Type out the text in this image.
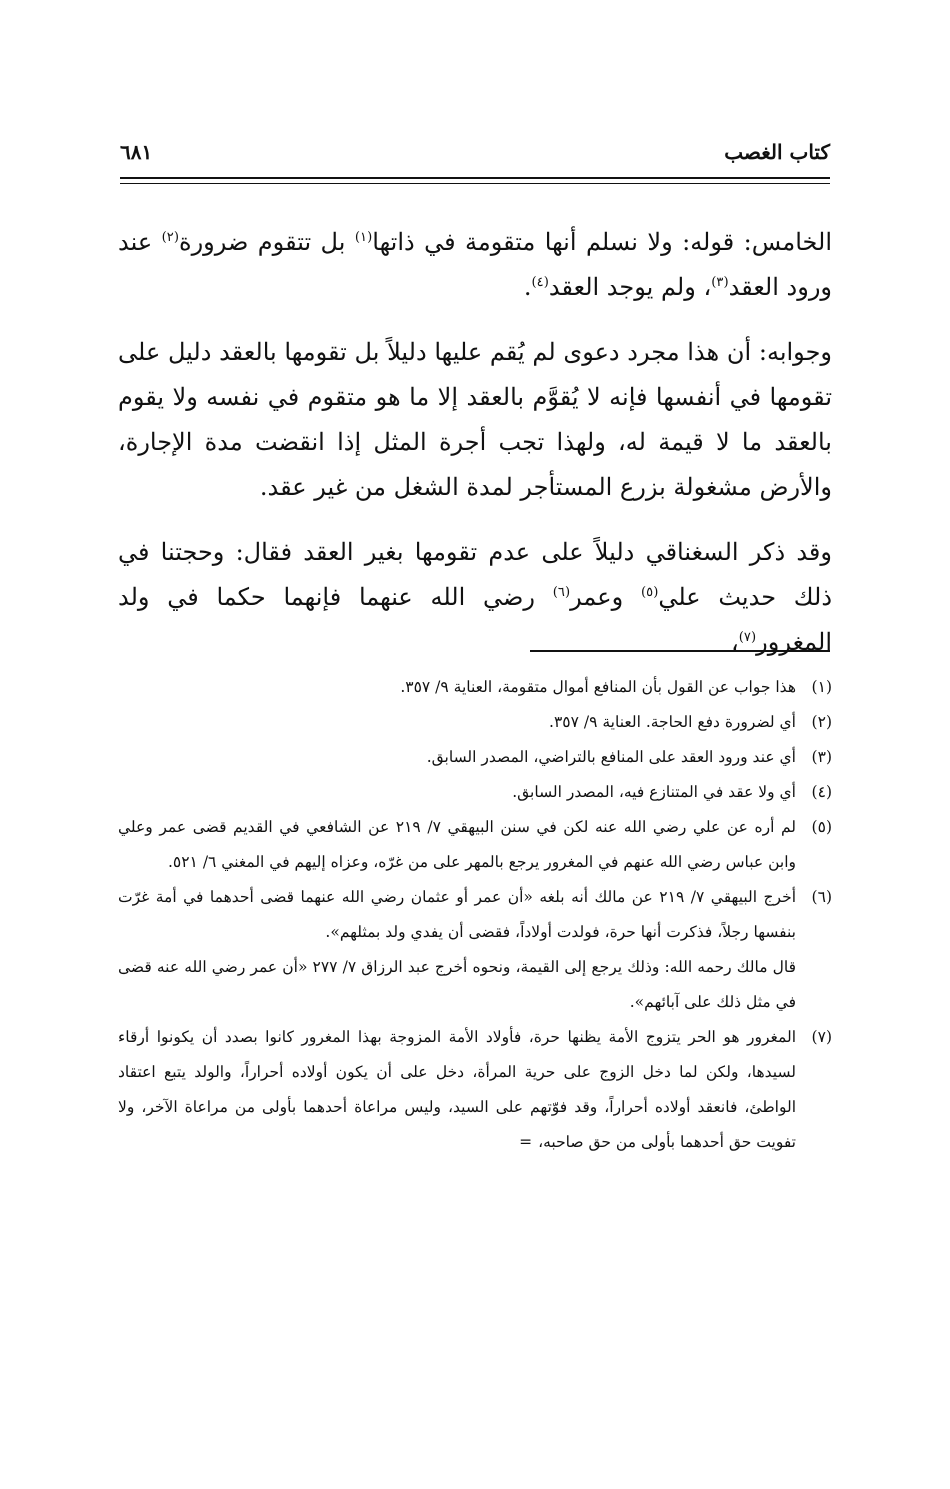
كتاب الغصب
٦٨١

الخامس: قوله: ولا نسلم أنها متقومة في ذاتها$^{(١)}$ بل تتقوم ضرورة$^{(٢)}$ عند ورود العقد$^{(٣)}$، ولم يوجد العقد$^{(٤)}$.

وجوابه: أن هذا مجرد دعوى لم يُقم عليها دليلاً بل تقومها بالعقد دليل على تقومها في أنفسها فإنه لا يُقوَّم بالعقد إلا ما هو متقوم في نفسه ولا يقوم بالعقد ما لا قيمة له، ولهذا تجب أجرة المثل إذا انقضت مدة الإجارة، والأرض مشغولة بزرع المستأجر لمدة الشغل من غير عقد.

وقد ذكر السغناقي دليلاً على عدم تقومها بغير العقد فقال: وحجتنا في ذلك حديث علي$^{(٥)}$ وعمر$^{(٦)}$ رضي الله عنهما فإنهما حكما في ولد المغرور$^{(٧)}$،

(١)
هذا جواب عن القول بأن المنافع أموال متقومة، العناية ٩/ ٣٥٧.
(٢)
أي لضرورة دفع الحاجة. العناية ٩/ ٣٥٧.
(٣)
أي عند ورود العقد على المنافع بالتراضي، المصدر السابق.
(٤)
أي ولا عقد في المتنازع فيه، المصدر السابق.
(٥)
لم أره عن علي رضي الله عنه لكن في سنن البيهقي ٧/ ٢١٩ عن الشافعي في القديم قضى عمر وعلي وابن عباس رضي الله عنهم في المغرور يرجع بالمهر على من غرّه، وعزاه إليهم في المغني ٦/ ٥٢١.
(٦)
أخرج البيهقي ٧/ ٢١٩ عن مالك أنه بلغه «أن عمر أو عثمان رضي الله عنهما قضى أحدهما في أمة غرّت بنفسها رجلاً، فذكرت أنها حرة، فولدت أولاداً، فقضى أن يفدي ولد بمثلهم».
قال مالك رحمه الله: وذلك يرجع إلى القيمة، ونحوه أخرج عبد الرزاق ٧/ ٢٧٧ «أن عمر رضي الله عنه قضى في مثل ذلك على آبائهم».
(٧)
المغرور هو الحر يتزوج الأمة يظنها حرة، فأولاد الأمة المزوجة بهذا المغرور كانوا بصدد أن يكونوا أرقاء لسيدها، ولكن لما دخل الزوج على حرية المرأة، دخل على أن يكون أولاده أحراراً، والولد يتبع اعتقاد الواطئ، فانعقد أولاده أحراراً، وقد فوّتهم على السيد، وليس مراعاة أحدهما بأولى من مراعاة الآخر، ولا تفويت حق أحدهما بأولى من حق صاحبه،=
